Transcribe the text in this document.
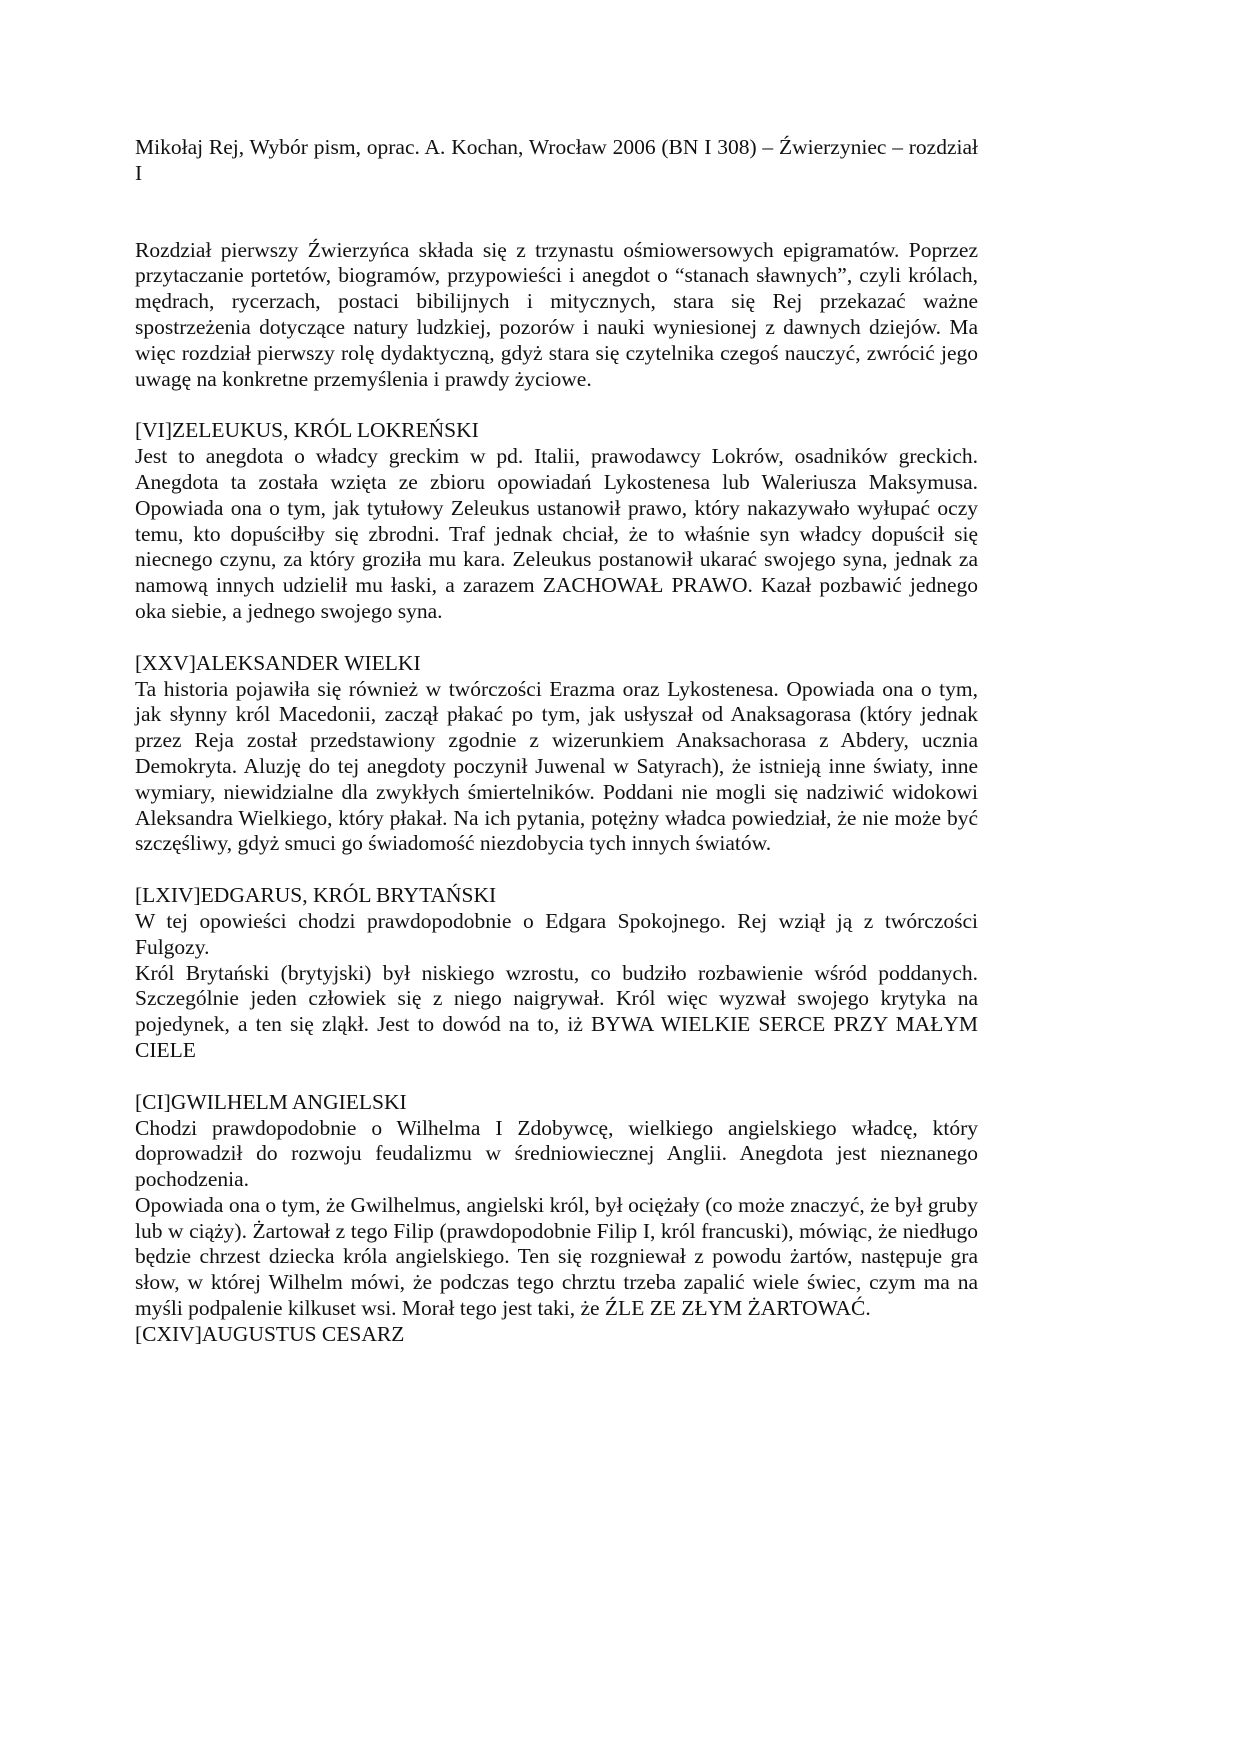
Mikołaj Rej, Wybór pism, oprac. A. Kochan, Wrocław 2006 (BN I 308) – Źwierzyniec – rozdział I

Rozdział pierwszy Źwierzyńca składa się z trzynastu ośmiowersowych epigramatów. Poprzez przytaczanie portetów, biogramów, przypowieści i anegdot o “stanach sławnych”, czyli królach, mędrach, rycerzach, postaci bibilijnych i mitycznych, stara się Rej przekazać ważne spostrzeżenia dotyczące natury ludzkiej, pozorów i nauki wyniesionej z dawnych dziejów. Ma więc rozdział pierwszy rolę dydaktyczną, gdyż stara się czytelnika czegoś nauczyć, zwrócić jego uwagę na konkretne przemyślenia i prawdy życiowe.

[VI]ZELEUKUS, KRÓL LOKREŃSKI

Jest to anegdota o władcy greckim w pd. Italii, prawodawcy Lokrów, osadników greckich. Anegdota ta została wzięta ze zbioru opowiadań Lykostenesa lub Waleriusza Maksymusa. Opowiada ona o tym, jak tytułowy Zeleukus ustanowił prawo, który nakazywało wyłupać oczy temu, kto dopuściłby się zbrodni. Traf jednak chciał, że to właśnie syn władcy dopuścił się niecnego czynu, za który groziła mu kara. Zeleukus postanowił ukarać swojego syna, jednak za namową innych udzielił mu łaski, a zarazem ZACHOWAŁ PRAWO. Kazał pozbawić jednego oka siebie, a jednego swojego syna.

[XXV]ALEKSANDER WIELKI

Ta historia pojawiła się również w twórczości Erazma oraz Lykostenesa. Opowiada ona o tym, jak słynny król Macedonii, zaczął płakać po tym, jak usłyszał od Anaksagorasa (który jednak przez Reja został przedstawiony zgodnie z wizerunkiem Anaksachorasa z Abdery, ucznia Demokryta. Aluzję do tej anegdoty poczynił Juwenal w Satyrach), że istnieją inne światy, inne wymiary, niewidzialne dla zwykłych śmiertelników. Poddani nie mogli się nadziwić widokowi Aleksandra Wielkiego, który płakał. Na ich pytania, potężny władca powiedział, że nie może być szczęśliwy, gdyż smuci go świadomość niezdobycia tych innych światów.

[LXIV]EDGARUS, KRÓL BRYTAŃSKI

W tej opowieści chodzi prawdopodobnie o Edgara Spokojnego. Rej wziął ją z twórczości Fulgozy.

Król Brytański (brytyjski) był niskiego wzrostu, co budziło rozbawienie wśród poddanych. Szczególnie jeden człowiek się z niego naigrywał. Król więc wyzwał swojego krytyka na pojedynek, a ten się zląkł. Jest to dowód na to, iż BYWA WIELKIE SERCE PRZY MAŁYM CIELE

[CI]GWILHELM ANGIELSKI

Chodzi prawdopodobnie o Wilhelma I Zdobywcę, wielkiego angielskiego władcę, który doprowadził do rozwoju feudalizmu w średniowiecznej Anglii. Anegdota jest nieznanego pochodzenia.

Opowiada ona o tym, że Gwilhelmus, angielski król, był ociężały (co może znaczyć, że był gruby lub w ciąży). Żartował z tego Filip (prawdopodobnie Filip I, król francuski), mówiąc, że niedługo będzie chrzest dziecka króla angielskiego. Ten się rozgniewał z powodu żartów, następuje gra słow, w której Wilhelm mówi, że podczas tego chrztu trzeba zapalić wiele świec, czym ma na myśli podpalenie kilkuset wsi. Morał tego jest taki, że ŹLE ZE ZŁYM ŻARTOWAĆ.

[CXIV]AUGUSTUS CESARZ
